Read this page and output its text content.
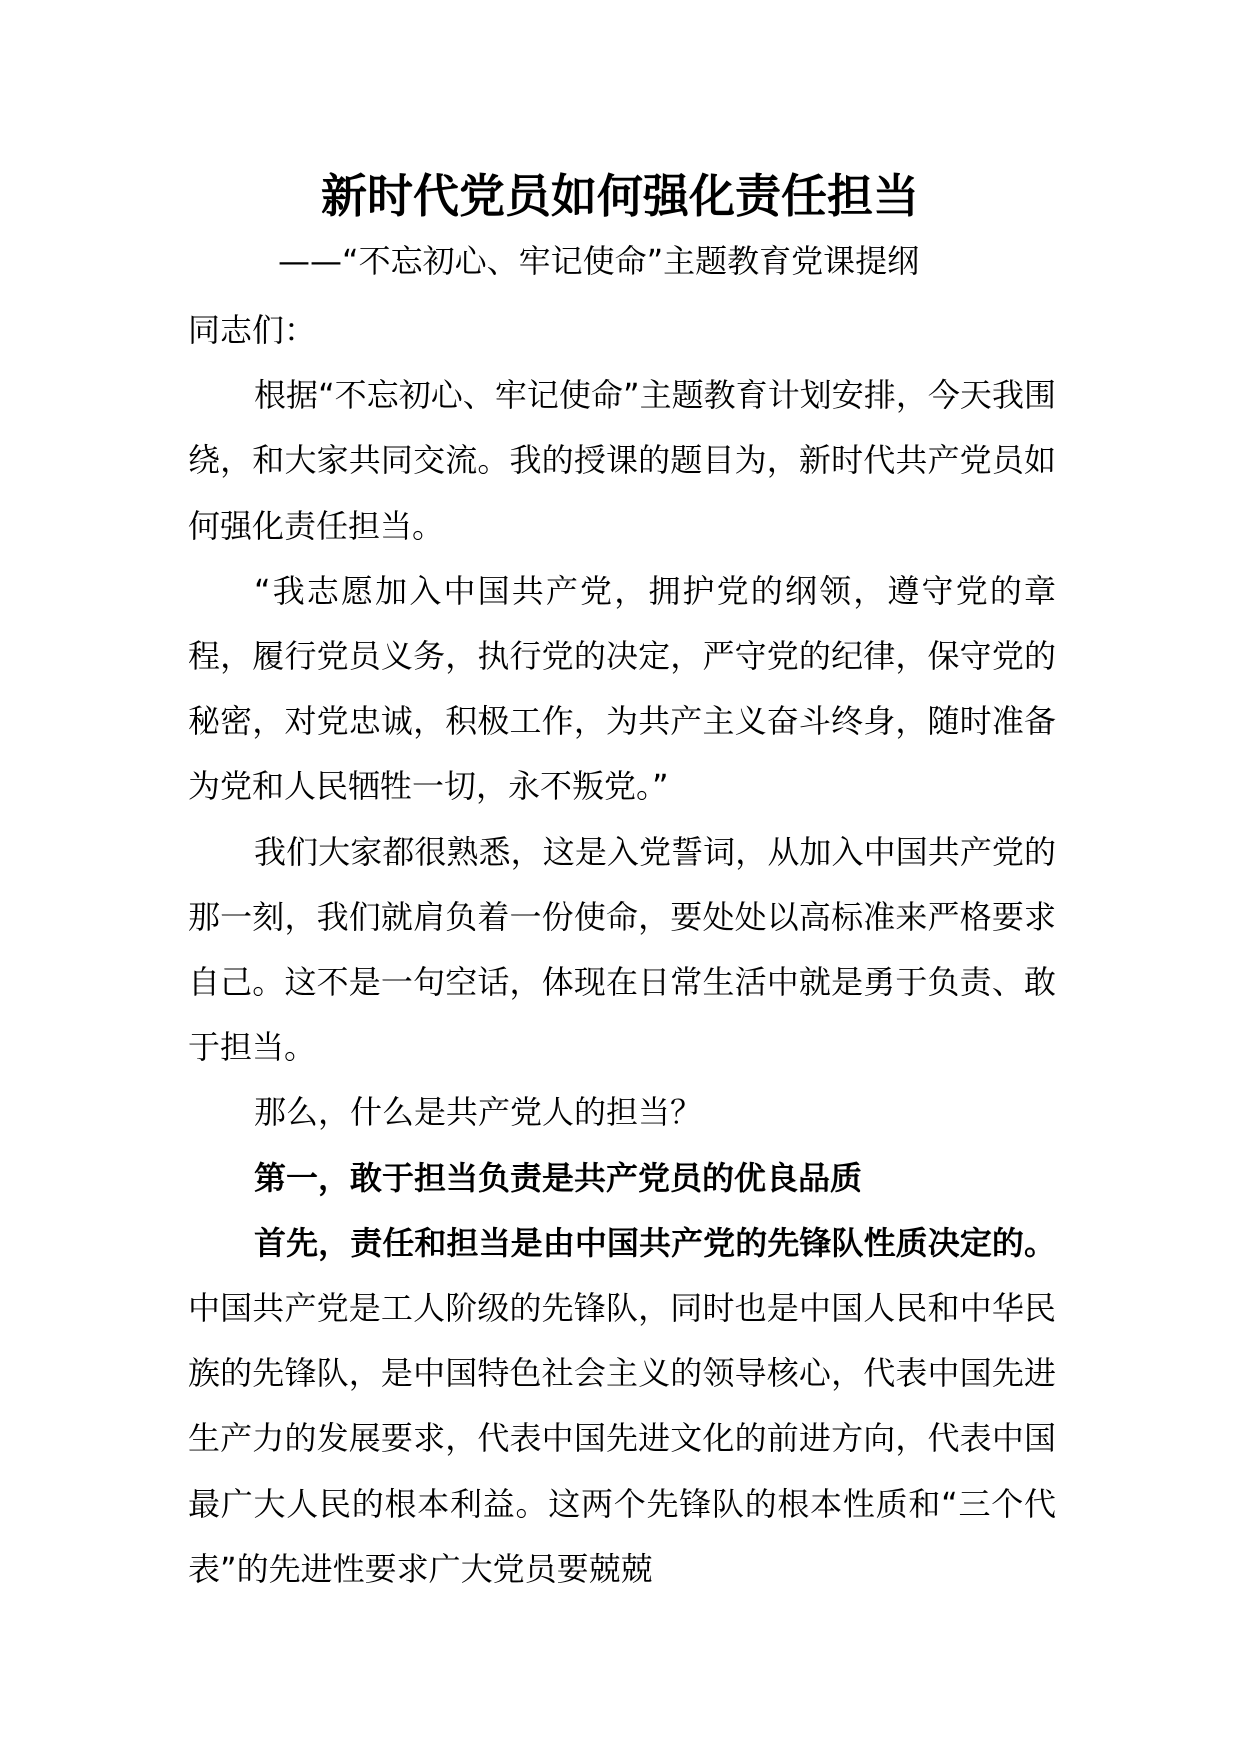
新时代党员如何强化责任担当
——“不忘初心、牢记使命”主题教育党课提纲

同志们：

根据“不忘初心、牢记使命”主题教育计划安排，今天我围绕，和大家共同交流。我的授课的题目为，新时代共产党员如何强化责任担当。

“我志愿加入中国共产党，拥护党的纲领，遵守党的章程，履行党员义务，执行党的决定，严守党的纪律，保守党的秘密，对党忠诚，积极工作，为共产主义奋斗终身，随时准备为党和人民牺牲一切，永不叛党。”

我们大家都很熟悉，这是入党誓词，从加入中国共产党的那一刻，我们就肩负着一份使命，要处处以高标准来严格要求自己。这不是一句空话，体现在日常生活中就是勇于负责、敢于担当。

那么，什么是共产党人的担当？

第一，敢于担当负责是共产党员的优良品质

首先，责任和担当是由中国共产党的先锋队性质决定的。中国共产党是工人阶级的先锋队，同时也是中国人民和中华民族的先锋队，是中国特色社会主义的领导核心，代表中国先进生产力的发展要求，代表中国先进文化的前进方向，代表中国最广大人民的根本利益。这两个先锋队的根本性质和“三个代表”的先进性要求广大党员要兢兢
